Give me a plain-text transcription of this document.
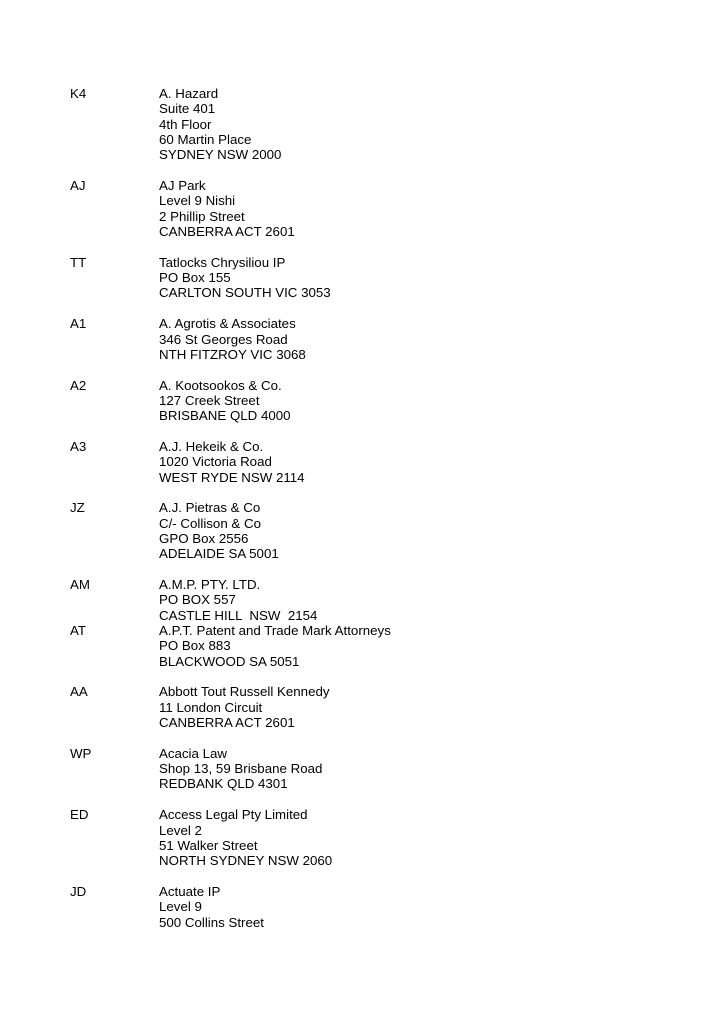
K4	A. Hazard
Suite 401
4th Floor
60 Martin Place
SYDNEY NSW 2000
AJ	AJ Park
Level 9 Nishi
2 Phillip Street
CANBERRA ACT 2601
TT	Tatlocks Chrysiliou IP
PO Box 155
CARLTON SOUTH VIC 3053
A1	A. Agrotis & Associates
346 St Georges Road
NTH FITZROY VIC 3068
A2	A. Kootsookos & Co.
127 Creek Street
BRISBANE QLD 4000
A3	A.J. Hekeik & Co.
1020 Victoria Road
WEST RYDE NSW 2114
JZ	A.J. Pietras & Co
C/- Collison & Co
GPO Box 2556
ADELAIDE SA 5001
AM	A.M.P. PTY. LTD.
PO BOX 557
CASTLE HILL  NSW  2154
AT	A.P.T. Patent and Trade Mark Attorneys
PO Box 883
BLACKWOOD SA 5051
AA	Abbott Tout Russell Kennedy
11 London Circuit
CANBERRA ACT 2601
WP	Acacia Law
Shop 13, 59 Brisbane Road
REDBANK QLD 4301
ED	Access Legal Pty Limited
Level 2
51 Walker Street
NORTH SYDNEY NSW 2060
JD	Actuate IP
Level 9
500 Collins Street
